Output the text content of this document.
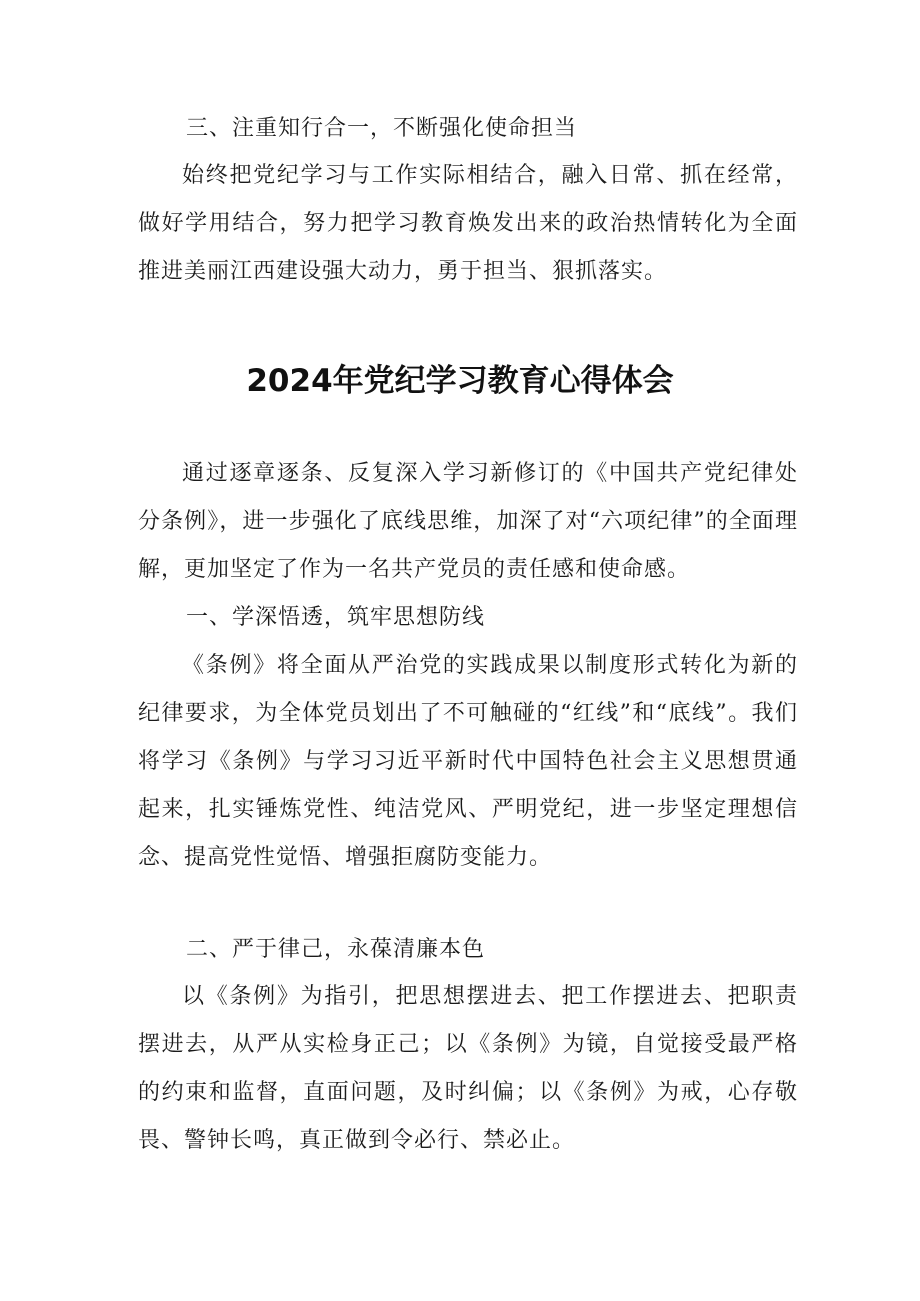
三、注重知行合一，不断强化使命担当

始终把党纪学习与工作实际相结合，融入日常、抓在经常，做好学用结合，努力把学习教育焕发出来的政治热情转化为全面推进美丽江西建设强大动力，勇于担当、狠抓落实。

2024年党纪学习教育心得体会

通过逐章逐条、反复深入学习新修订的《中国共产党纪律处分条例》，进一步强化了底线思维，加深了对“六项纪律”的全面理解，更加坚定了作为一名共产党员的责任感和使命感。

一、学深悟透，筑牢思想防线

《条例》将全面从严治党的实践成果以制度形式转化为新的纪律要求，为全体党员划出了不可触碰的“红线”和“底线”。我们将学习《条例》与学习习近平新时代中国特色社会主义思想贯通起来，扎实锤炼党性、纯洁党风、严明党纪，进一步坚定理想信念、提高党性觉悟、增强拒腐防变能力。

二、严于律己，永葆清廉本色

以《条例》为指引，把思想摆进去、把工作摆进去、把职责摆进去，从严从实检身正己；以《条例》为镜，自觉接受最严格的约束和监督，直面问题，及时纠偏；以《条例》为戒，心存敬畏、警钟长鸣，真正做到令必行、禁必止。
